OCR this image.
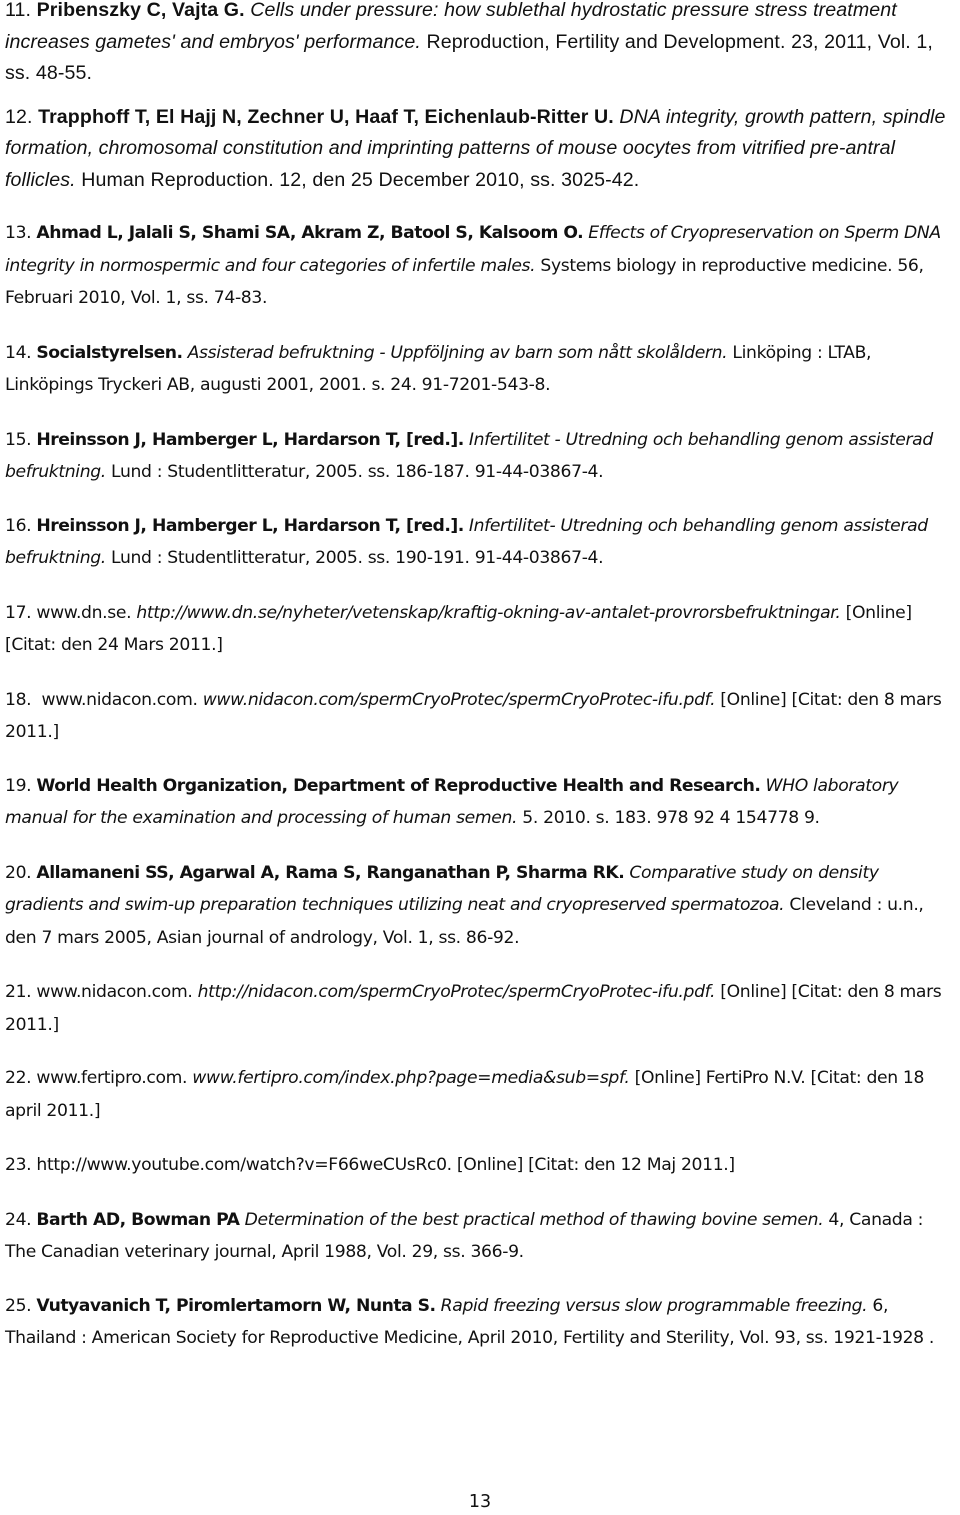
11. Pribenszky C, Vajta G. Cells under pressure: how sublethal hydrostatic pressure stress treatment increases gametes' and embryos' performance. Reproduction, Fertility and Development. 23, 2011, Vol. 1, ss. 48-55.

12. Trapphoff T, El Hajj N, Zechner U, Haaf T, Eichenlaub-Ritter U. DNA integrity, growth pattern, spindle formation, chromosomal constitution and imprinting patterns of mouse oocytes from vitrified pre-antral follicles. Human Reproduction. 12, den 25 December 2010, ss. 3025-42.

13. Ahmad L, Jalali S, Shami SA, Akram Z, Batool S, Kalsoom O. Effects of Cryopreservation on Sperm DNA integrity in normospermic and four categories of infertile males. Systems biology in reproductive medicine. 56, Februari 2010, Vol. 1, ss. 74-83.

14. Socialstyrelsen. Assisterad befruktning - Uppföljning av barn som nått skolåldern. Linköping : LTAB, Linköpings Tryckeri AB, augusti 2001, 2001. s. 24. 91-7201-543-8.

15. Hreinsson J, Hamberger L, Hardarson T, [red.]. Infertilitet - Utredning och behandling genom assisterad befruktning. Lund : Studentlitteratur, 2005. ss. 186-187. 91-44-03867-4.

16. Hreinsson J, Hamberger L, Hardarson T, [red.]. Infertilitet- Utredning och behandling genom assisterad befruktning. Lund : Studentlitteratur, 2005. ss. 190-191. 91-44-03867-4.

17. www.dn.se. http://www.dn.se/nyheter/vetenskap/kraftig-okning-av-antalet-provrorsbefruktningar. [Online] [Citat: den 24 Mars 2011.]

18.  www.nidacon.com. www.nidacon.com/spermCryoProtec/spermCryoProtec-ifu.pdf. [Online] [Citat: den 8 mars 2011.]

19. World Health Organization, Department of Reproductive Health and Research. WHO laboratory manual for the examination and processing of human semen. 5. 2010. s. 183. 978 92 4 154778 9.

20. Allamaneni SS, Agarwal A, Rama S, Ranganathan P, Sharma RK. Comparative study on density gradients and swim-up preparation techniques utilizing neat and cryopreserved spermatozoa. Cleveland : u.n., den 7 mars 2005, Asian journal of andrology, Vol. 1, ss. 86-92.

21. www.nidacon.com. http://nidacon.com/spermCryoProtec/spermCryoProtec-ifu.pdf. [Online] [Citat: den 8 mars 2011.]

22. www.fertipro.com. www.fertipro.com/index.php?page=media&sub=spf. [Online] FertiPro N.V. [Citat: den 18 april 2011.]

23. http://www.youtube.com/watch?v=F66weCUsRc0. [Online] [Citat: den 12 Maj 2011.]

24. Barth AD, Bowman PA Determination of the best practical method of thawing bovine semen. 4, Canada : The Canadian veterinary journal, April 1988, Vol. 29, ss. 366-9.

25. Vutyavanich T, Piromlertamorn W, Nunta S. Rapid freezing versus slow programmable freezing. 6, Thailand : American Society for Reproductive Medicine, April 2010, Fertility and Sterility, Vol. 93, ss. 1921-1928 .

13
